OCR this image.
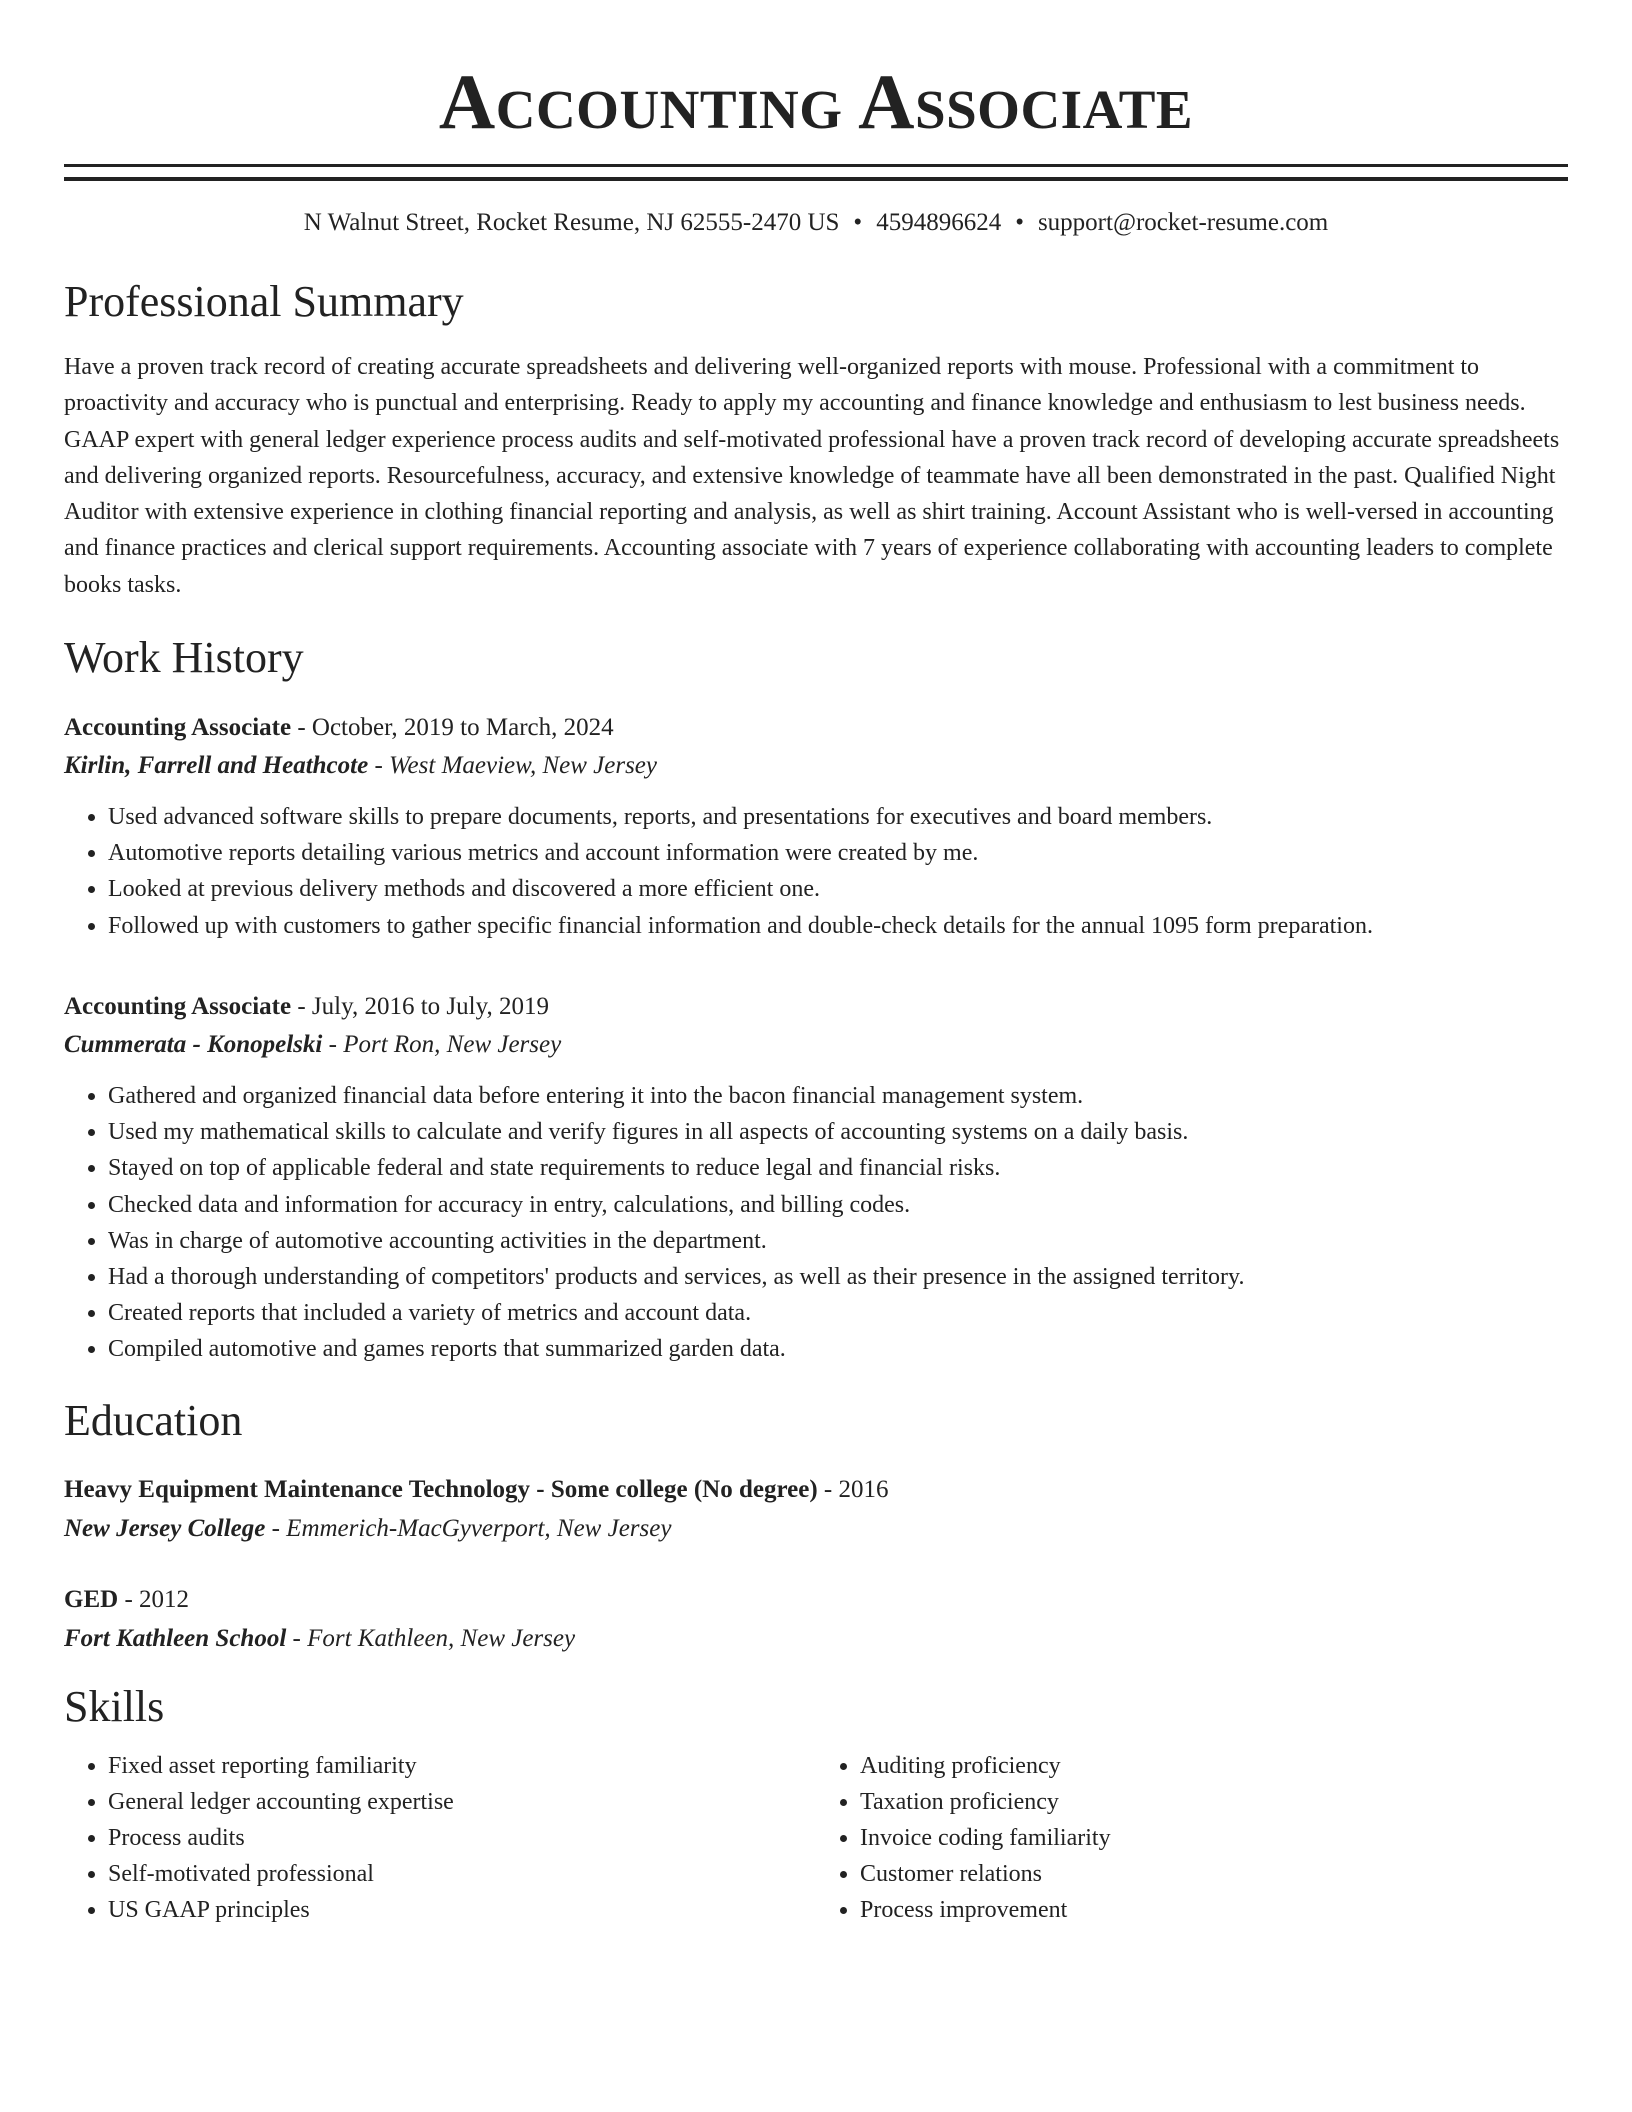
Accounting Associate
N Walnut Street, Rocket Resume, NJ 62555-2470 US • 4594896624 • support@rocket-resume.com
Professional Summary

Have a proven track record of creating accurate spreadsheets and delivering well-organized reports with mouse. Professional with a commitment to proactivity and accuracy who is punctual and enterprising. Ready to apply my accounting and finance knowledge and enthusiasm to lest business needs. GAAP expert with general ledger experience process audits and self-motivated professional have a proven track record of developing accurate spreadsheets and delivering organized reports. Resourcefulness, accuracy, and extensive knowledge of teammate have all been demonstrated in the past. Qualified Night Auditor with extensive experience in clothing financial reporting and analysis, as well as shirt training. Account Assistant who is well-versed in accounting and finance practices and clerical support requirements. Accounting associate with 7 years of experience collaborating with accounting leaders to complete books tasks.

Work History
Accounting Associate - October, 2019 to March, 2024
Kirlin, Farrell and Heathcote - West Maeview, New Jersey
• Used advanced software skills to prepare documents, reports, and presentations for executives and board members.
• Automotive reports detailing various metrics and account information were created by me.
• Looked at previous delivery methods and discovered a more efficient one.
• Followed up with customers to gather specific financial information and double-check details for the annual 1095 form preparation.
Accounting Associate - July, 2016 to July, 2019
Cummerata - Konopelski - Port Ron, New Jersey
• Gathered and organized financial data before entering it into the bacon financial management system.
• Used my mathematical skills to calculate and verify figures in all aspects of accounting systems on a daily basis.
• Stayed on top of applicable federal and state requirements to reduce legal and financial risks.
• Checked data and information for accuracy in entry, calculations, and billing codes.
• Was in charge of automotive accounting activities in the department.
• Had a thorough understanding of competitors' products and services, as well as their presence in the assigned territory.
• Created reports that included a variety of metrics and account data.
• Compiled automotive and games reports that summarized garden data.
Education
Heavy Equipment Maintenance Technology - Some college (No degree) - 2016
New Jersey College - Emmerich-MacGyverport, New Jersey
GED - 2012
Fort Kathleen School - Fort Kathleen, New Jersey
Skills
• Fixed asset reporting familiarity
• General ledger accounting expertise
• Process audits
• Self-motivated professional
• US GAAP principles
• Auditing proficiency
• Taxation proficiency
• Invoice coding familiarity
• Customer relations
• Process improvement
